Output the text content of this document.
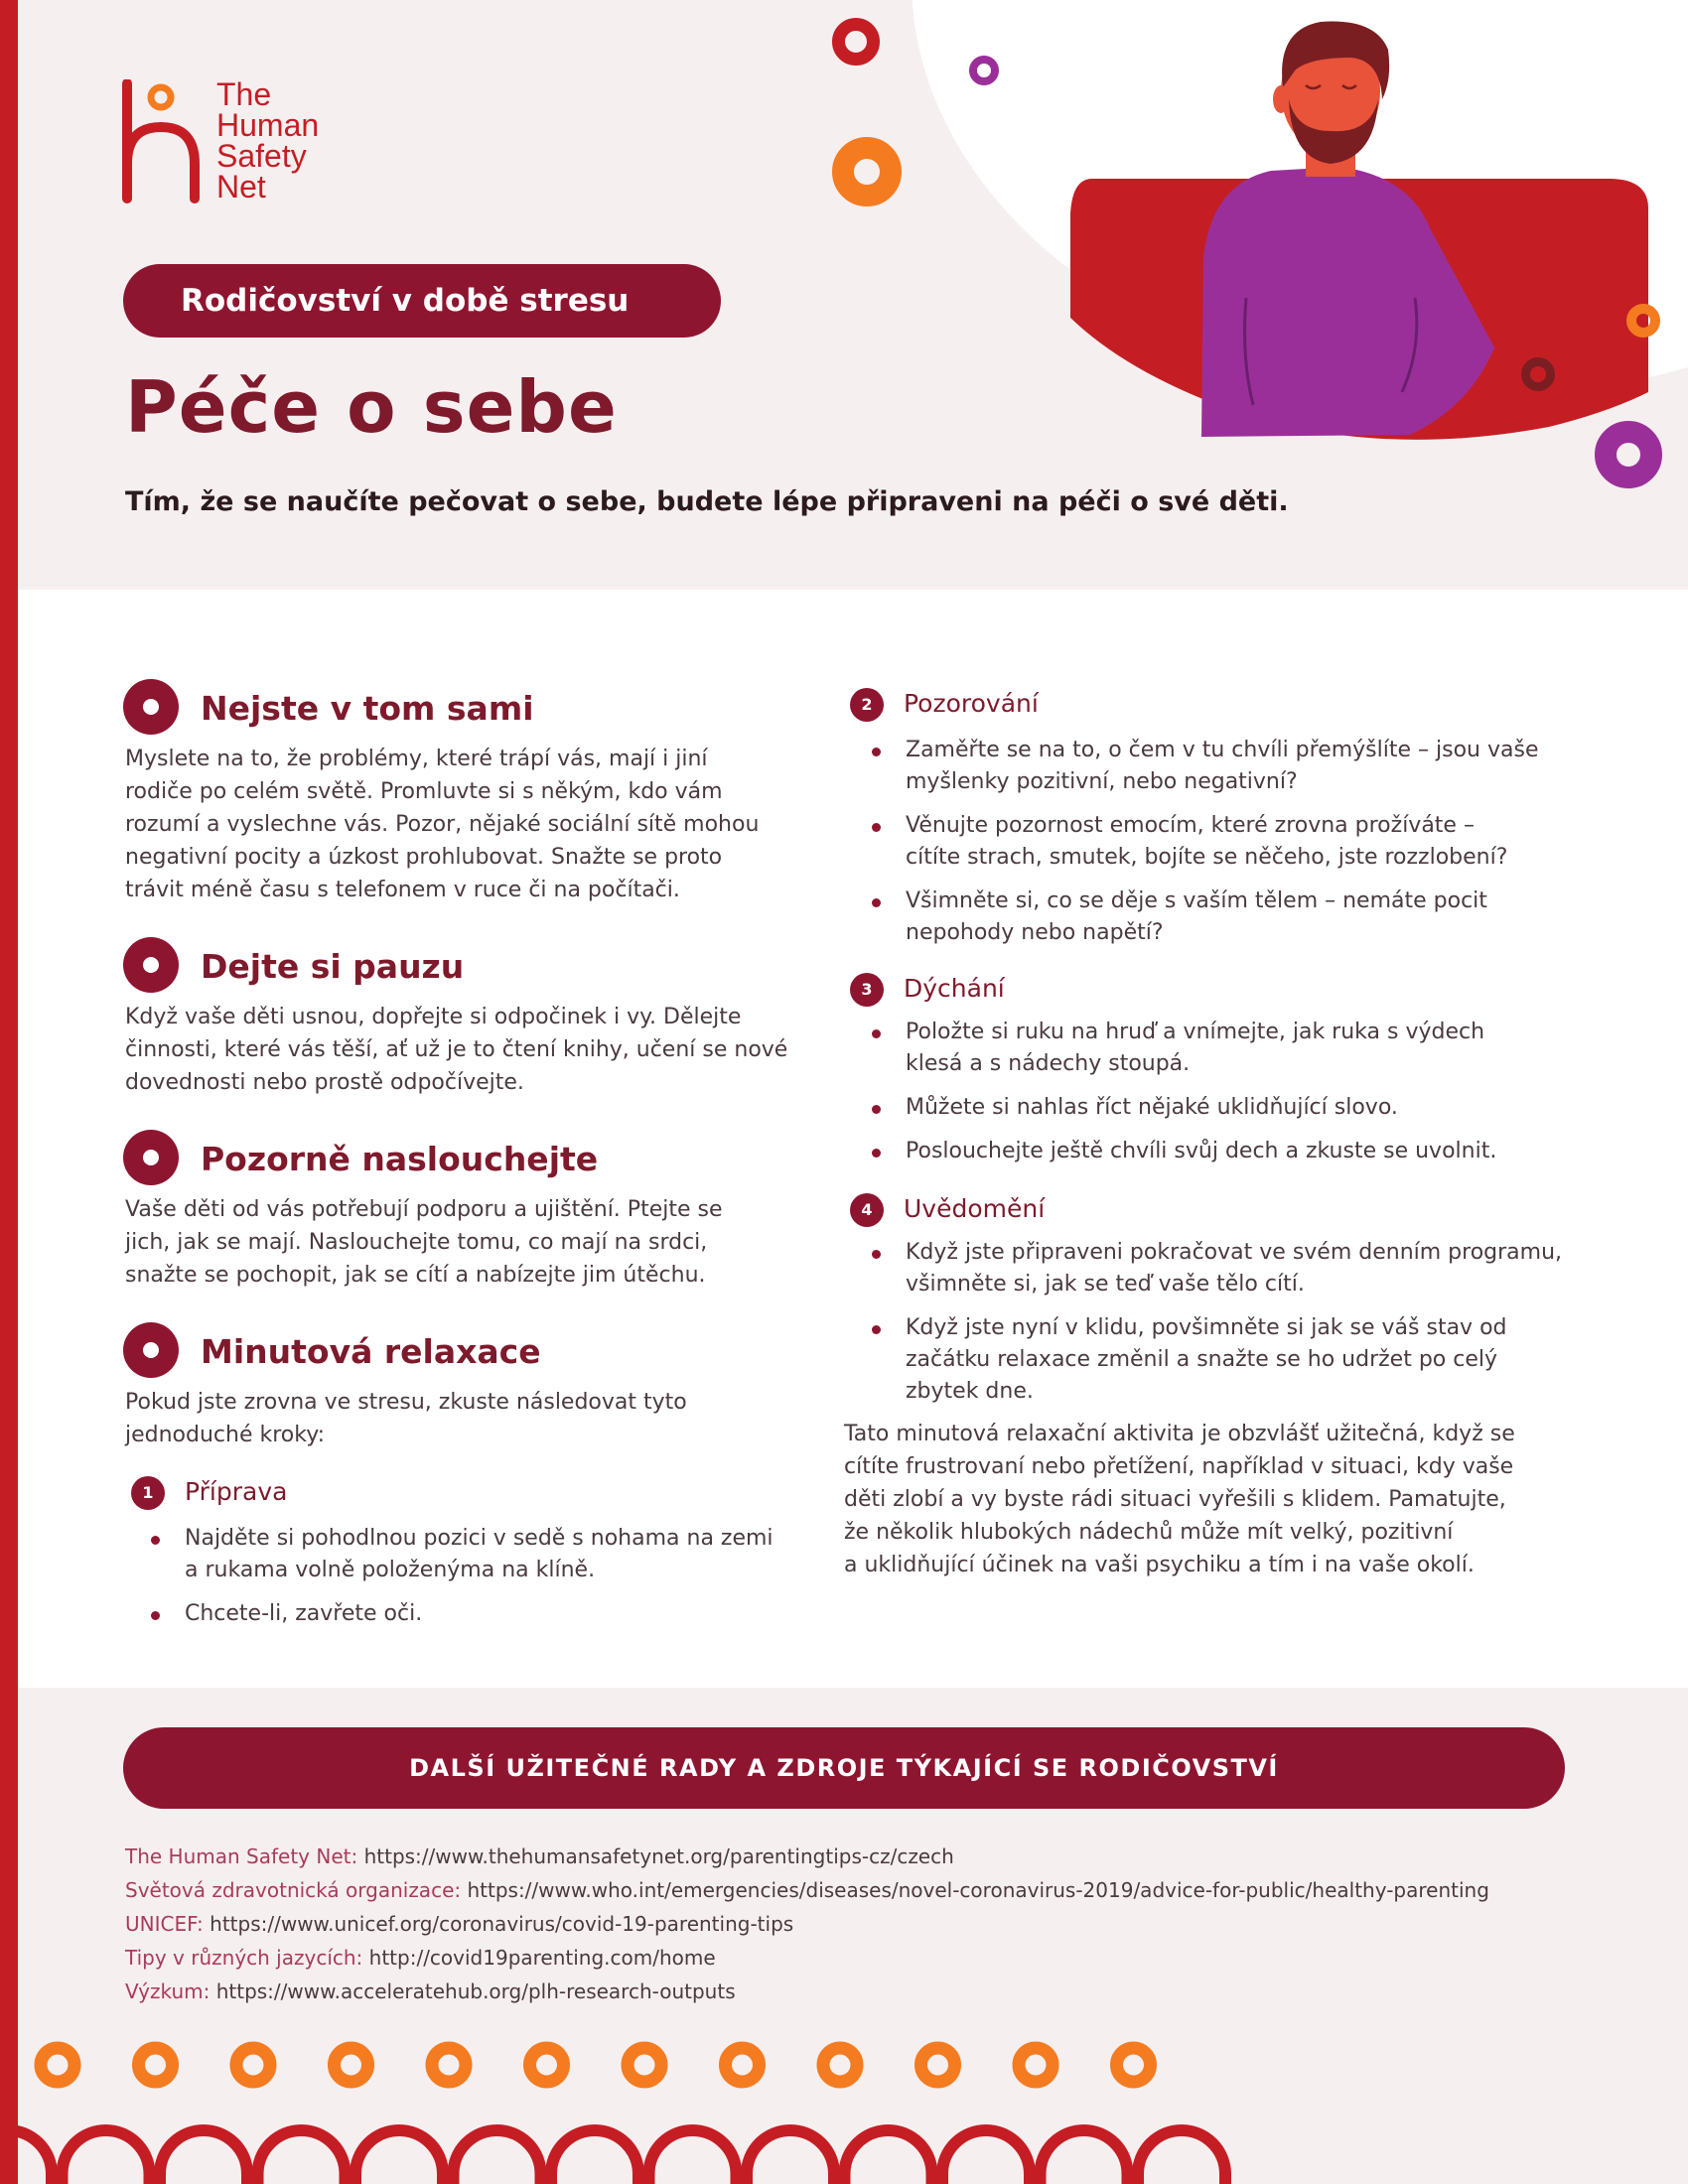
The
Human
Safety
Net
Rodičovství v době stresu
Péče o sebe
Tím, že se naučíte pečovat o sebe, budete lépe připraveni na péči o své děti.
Nejste v tom sami
Myslete na to, že problémy, které trápí vás, mají i jiní
rodiče po celém světě. Promluvte si s někým, kdo vám
rozumí a vyslechne vás. Pozor, nějaké sociální sítě mohou
negativní pocity a úzkost prohlubovat. Snažte se proto
trávit méně času s telefonem v ruce či na počítači.
Dejte si pauzu
Když vaše děti usnou, dopřejte si odpočinek i vy. Dělejte
činnosti, které vás těší, ať už je to čtení knihy, učení se nové
dovednosti nebo prostě odpočívejte.
Pozorně naslouchejte
Vaše děti od vás potřebují podporu a ujištění. Ptejte se
jich, jak se mají. Naslouchejte tomu, co mají na srdci,
snažte se pochopit, jak se cítí a nabízejte jim útěchu.
Minutová relaxace
Pokud jste zrovna ve stresu, zkuste následovat tyto
jednoduché kroky:
1	Příprava
Najděte si pohodlnou pozici v sedě s nohama na zemi
a rukama volně položenýma na klíně.
Chcete-li, zavřete oči.
2	Pozorování
Zaměřte se na to, o čem v tu chvíli přemýšlíte – jsou vaše
myšlenky pozitivní, nebo negativní?
Věnujte pozornost emocím, které zrovna prožíváte –
cítíte strach, smutek, bojíte se něčeho, jste rozzlobení?
Všimněte si, co se děje s vaším tělem – nemáte pocit
nepohody nebo napětí?
3	Dýchání
Položte si ruku na hruď a vnímejte, jak ruka s výdech
klesá a s nádechy stoupá.
Můžete si nahlas říct nějaké uklidňující slovo.
Poslouchejte ještě chvíli svůj dech a zkuste se uvolnit.
4	Uvědomění
Když jste připraveni pokračovat ve svém denním programu,
všimněte si, jak se teď vaše tělo cítí.
Když jste nyní v klidu, povšimněte si jak se váš stav od
začátku relaxace změnil a snažte se ho udržet po celý
zbytek dne.
Tato minutová relaxační aktivita je obzvlášť užitečná, když se
cítíte frustrovaní nebo přetížení, například v situaci, kdy vaše
děti zlobí a vy byste rádi situaci vyřešili s klidem. Pamatujte,
že několik hlubokých nádechů může mít velký, pozitivní
a uklidňující účinek na vaši psychiku a tím i na vaše okolí.
DALŠÍ UŽITEČNÉ RADY A ZDROJE TÝKAJÍCÍ SE RODIČOVSTVÍ
The Human Safety Net: https://www.thehumansafetynet.org/parentingtips-cz/czech
Světová zdravotnická organizace: https://www.who.int/emergencies/diseases/novel-coronavirus-2019/advice-for-public/healthy-parenting
UNICEF: https://www.unicef.org/coronavirus/covid-19-parenting-tips
Tipy v různých jazycích: http://covid19parenting.com/home
Výzkum: https://www.acceleratehub.org/plh-research-outputs
